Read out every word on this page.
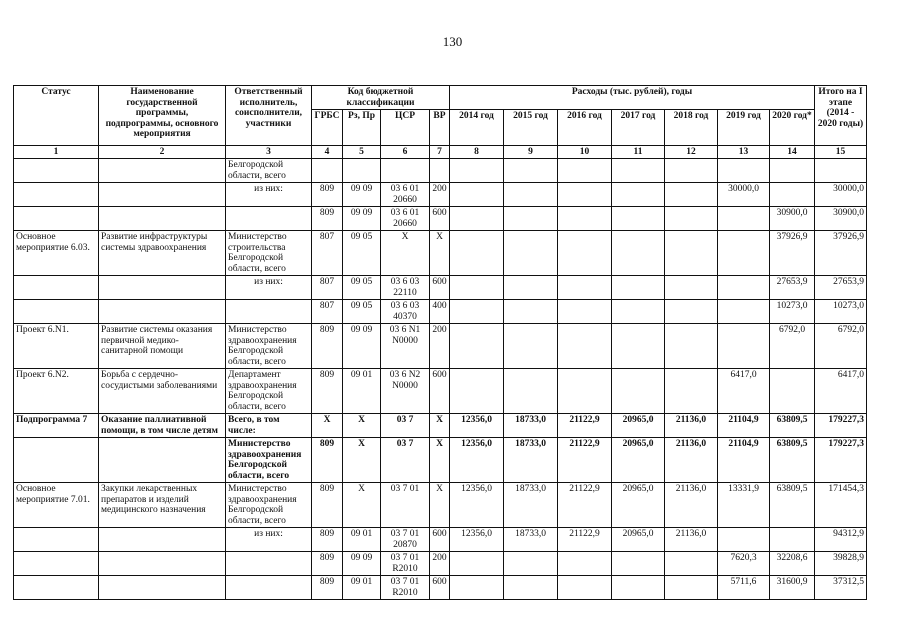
130
Статус	Наименование государственной программы, подпрограммы, основного мероприятия	Ответственный исполнитель, соисполнители, участники	Код бюджетной классификации				Расходы (тыс. рублей), годы							Итого на I этапе (2014 - 2020 годы)
			ГРБС	Рз, Пр	ЦСР	ВР	2014 год	2015 год	2016 год	2017 год	2018 год	2019 год	2020 год*	
1	2	3	4	5	6	7	8	9	10	11	12	13	14	15
		Белгородской области, всего												
		из них:	809	09 09	03 6 01 20660	200						30000,0		30000,0
			809	09 09	03 6 01 20660	600							30900,0	30900,0
Основное мероприятие 6.03.	Развитие инфраструктуры системы здравоохранения	Министерство строительства Белгородской области, всего	807	09 05	X	X							37926,9	37926,9
		из них:	807	09 05	03 6 03 22110	600							27653,9	27653,9
			807	09 05	03 6 03 40370	400							10273,0	10273,0
Проект 6.N1.	Развитие системы оказания первичной медико-санитарной помощи	Министерство здравоохранения Белгородской области, всего	809	09 09	03 6 N1 N0000	200							6792,0	6792,0
Проект 6.N2.	Борьба с сердечно-сосудистыми заболеваниями	Департамент здравоохранения Белгородской области, всего	809	09 01	03 6 N2 N0000	600						6417,0		6417,0
Подпрограмма 7	Оказание паллиативной помощи, в том числе детям	Всего, в том числе:	X	X	03 7	X	12356,0	18733,0	21122,9	20965,0	21136,0	21104,9	63809,5	179227,3
		Министерство здравоохранения Белгородской области, всего	809	X	03 7	X	12356,0	18733,0	21122,9	20965,0	21136,0	21104,9	63809,5	179227,3
Основное мероприятие 7.01.	Закупки лекарственных препаратов и изделий медицинского назначения	Министерство здравоохранения Белгородской области, всего	809	X	03 7 01	X	12356,0	18733,0	21122,9	20965,0	21136,0	13331,9	63809,5	171454,3
		из них:	809	09 01	03 7 01 20870	600	12356,0	18733,0	21122,9	20965,0	21136,0			94312,9
			809	09 09	03 7 01 R2010	200						7620,3	32208,6	39828,9
			809	09 01	03 7 01 R2010	600						5711,6	31600,9	37312,5
